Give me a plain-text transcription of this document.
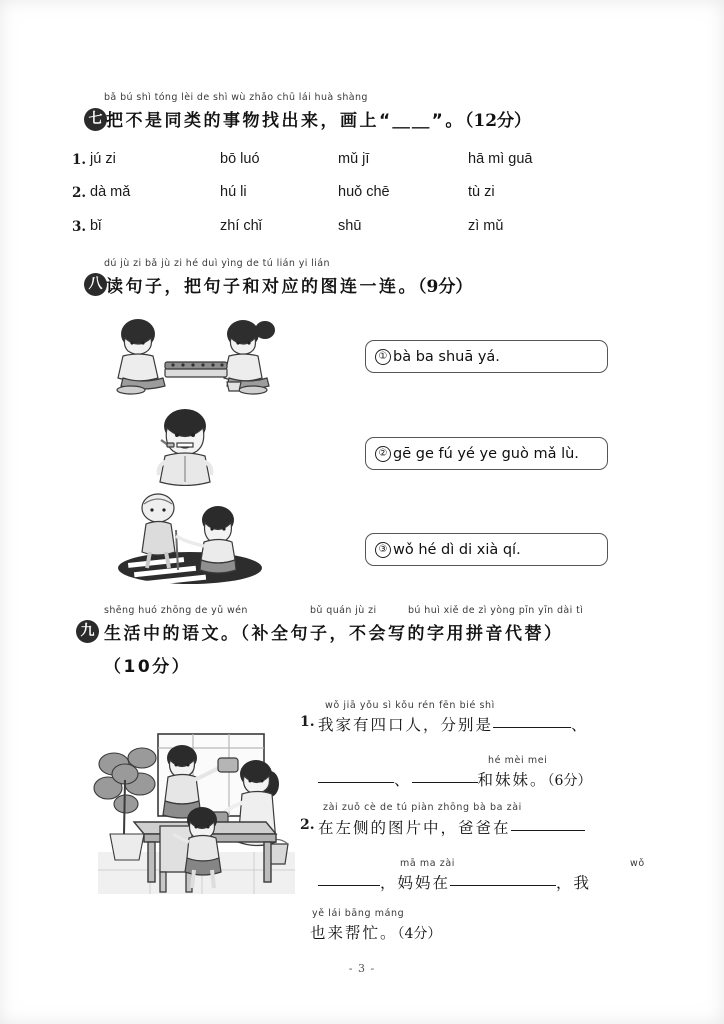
七
bǎ bú shì tóng lèi de shì wù zhǎo chū lái huà shàng
把不是同类的事物找出来，画上“＿＿”。（12分）
1. jú zi	bō luó	mǔ jī	hā mì guā
2. dà mǎ	hú li	huǒ chē	tù zi
3. bǐ	zhí chǐ	shū	zì mǔ
八
dú jù zi bǎ jù zi hé duì yìng de tú lián yi lián
读句子，把句子和对应的图连一连。（9分）
① bà ba shuā yá.
② gē ge fú yé ye guò mǎ lù.
③ wǒ hé dì di xià qí.
九
shēng huó zhōng de yǔ wén	bǔ quán jù zi	bú huì xiě de zì yòng pīn yīn dài tì
生活中的语文。（补全句子，不会写的字用拼音代替）
（10分）
wǒ jiā yǒu sì kǒu rén fēn bié shì
1. 我家有四口人，分别是	、
hé mèi mei
、	和妹妹。（6分）
zài zuǒ cè de tú piàn zhōng bà ba zài
2. 在左侧的图片中，爸爸在
mā ma zài	wǒ
，妈妈在	，我
yě lái bāng máng
也来帮忙。（4分）
- 3 -
